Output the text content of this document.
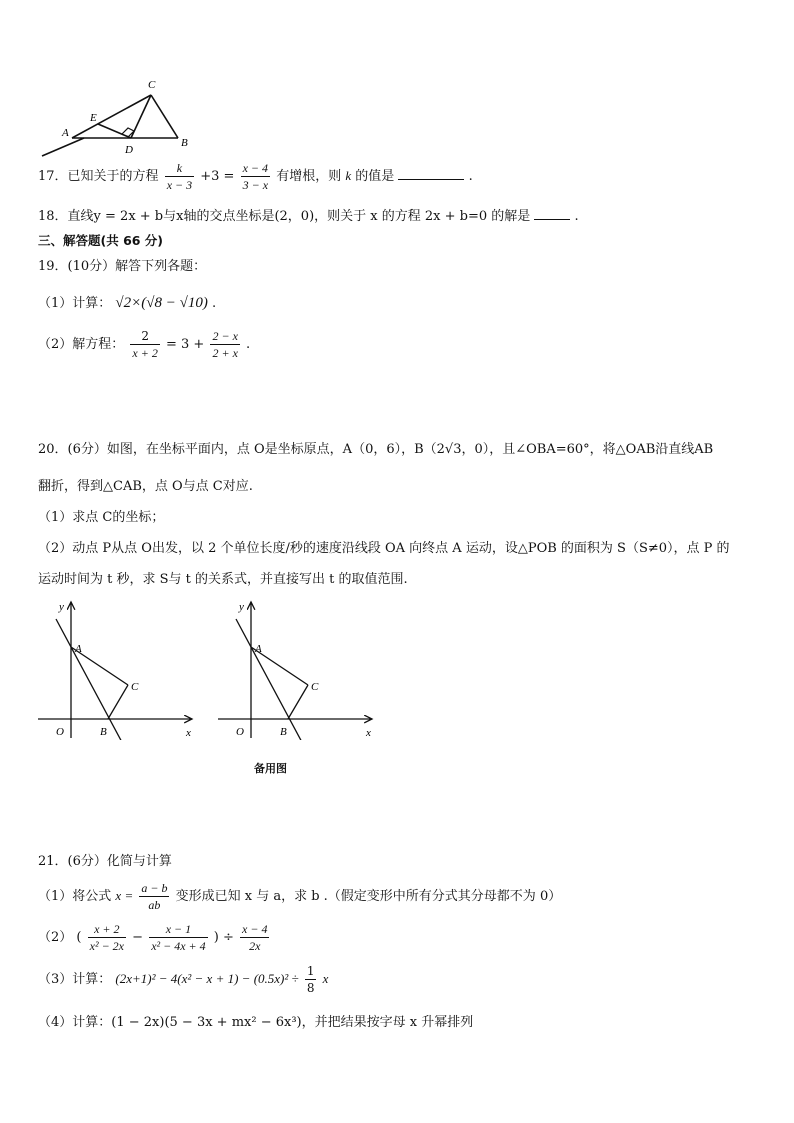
C
E
A
D
B
17．已知关于的方程 $\frac{k}{x - 3} +3 = \frac{x - 4}{3 - x}$ 有增根，则 k 的值是	.
18．直线y = 2x + b与x轴的交点坐标是(2，0)，则关于 x 的方程 2x + b=0 的解是	.
三、解答题(共 66 分)
19．(10分）解答下列各题：
（1）计算： √2×(√8 − √10) .
（2）解方程： $\frac{2}{x + 2} = 3 + \frac{2 - x}{2 + x}$ .
20．(6分）如图，在坐标平面内，点 O是坐标原点，A（0，6），B（2√3，0），且∠OBA=60°，将△OAB沿直线AB
翻折，得到△CAB，点 O与点 C对应.
（1）求点 C的坐标；
（2）动点 P从点 O出发，以 2 个单位长度/秒的速度沿线段 OA 向终点 A 运动，设△POB 的面积为 S（S≠0），点 P 的
运动时间为 t 秒，求 S与 t 的关系式，并直接写出 t 的取值范围.
y
A
C
O	B	x
y
A
C
O	B	x
备用图
21．(6分）化简与计算
（1）将公式 $x = \frac{a - b}{ab}$ 变形成已知 x 与 a，求 b .（假定变形中所有分式其分母都不为 0）
（2） ( $\frac{x + 2}{\text{x² − 2x}} - \frac{x - 1}{\text{x² − 4x + 4}}$ ) ÷ $\frac{x - 4}{2x}$
（3）计算： $(2x+1)^2 - 4(x^2 - x + 1) - (0.5x)^2 \div \frac{1}{8}$ x
（4）计算：(1 − 2x)(5 − 3x + mx² − 6x³)，并把结果按字母 x 升幂排列
